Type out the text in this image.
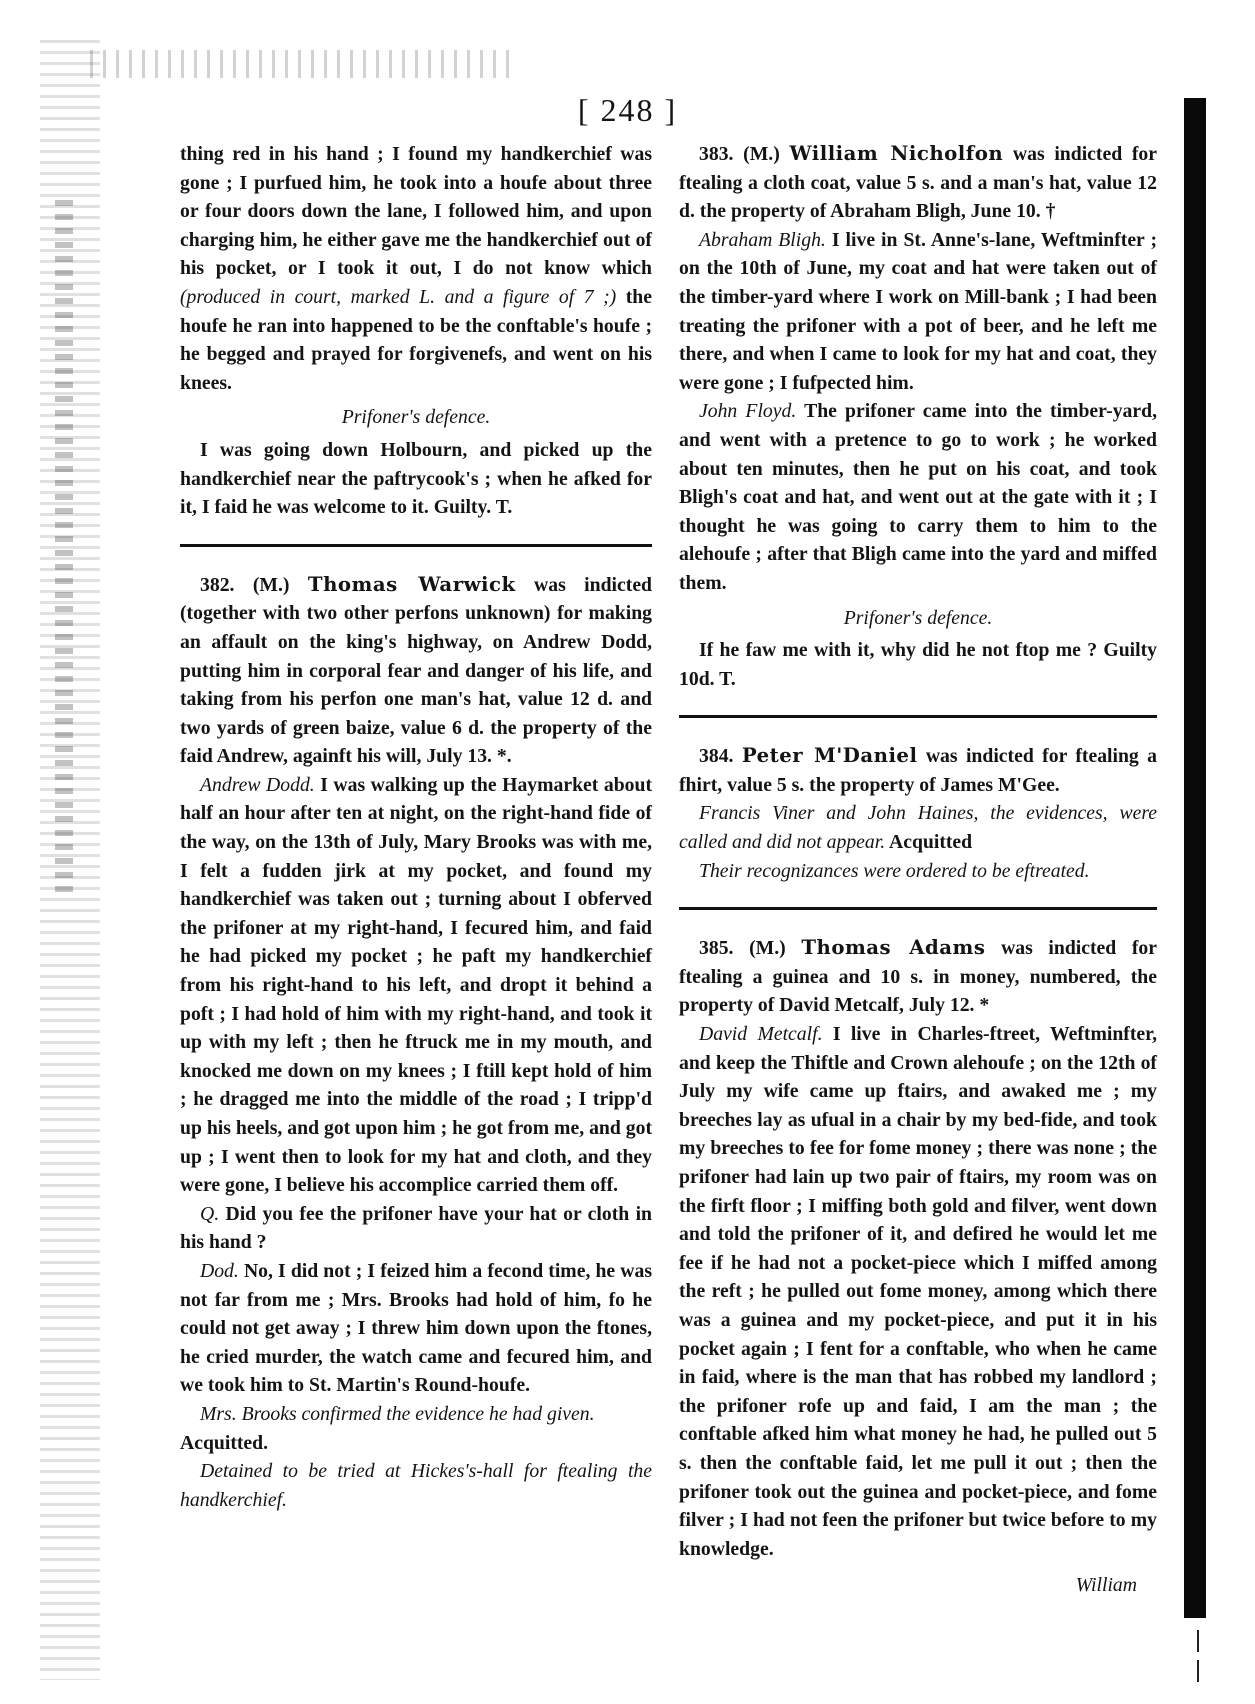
[ 248 ]

thing red in his hand ; I found my handkerchief was gone ; I purfued him, he took into a houfe about three or four doors down the lane, I followed him, and upon charging him, he either gave me the handkerchief out of his pocket, or I took it out, I do not know which (produced in court, marked L. and a figure of 7 ;) the houfe he ran into happened to be the conftable's houfe ; he begged and prayed for forgivenefs, and went on his knees.

Prifoner's defence.

I was going down Holbourn, and picked up the handkerchief near the paftrycook's ; when he afked for it, I faid he was welcome to it. Guilty. T.

382. (M.) Thomas Warwick was indicted (together with two other perfons unknown) for making an affault on the king's highway, on Andrew Dodd, putting him in corporal fear and danger of his life, and taking from his perfon one man's hat, value 12 d. and two yards of green baize, value 6 d. the property of the faid Andrew, againft his will, July 13. *.

Andrew Dodd. I was walking up the Haymarket about half an hour after ten at night, on the right-hand fide of the way, on the 13th of July, Mary Brooks was with me, I felt a fudden jirk at my pocket, and found my handkerchief was taken out ; turning about I obferved the prifoner at my right-hand, I fecured him, and faid he had picked my pocket ; he paft my handkerchief from his right-hand to his left, and dropt it behind a poft ; I had hold of him with my right-hand, and took it up with my left ; then he ftruck me in my mouth, and knocked me down on my knees ; I ftill kept hold of him ; he dragged me into the middle of the road ; I tripp'd up his heels, and got upon him ; he got from me, and got up ; I went then to look for my hat and cloth, and they were gone, I believe his accomplice carried them off.

Q. Did you fee the prifoner have your hat or cloth in his hand ?

Dod. No, I did not ; I feized him a fecond time, he was not far from me ; Mrs. Brooks had hold of him, fo he could not get away ; I threw him down upon the ftones, he cried murder, the watch came and fecured him, and we took him to St. Martin's Round-houfe.

Mrs. Brooks confirmed the evidence he had given.

Acquitted.

Detained to be tried at Hickes's-hall for ftealing the handkerchief.

383. (M.) William Nicholfon was indicted for ftealing a cloth coat, value 5 s. and a man's hat, value 12 d. the property of Abraham Bligh, June 10. †

Abraham Bligh. I live in St. Anne's-lane, Weftminfter ; on the 10th of June, my coat and hat were taken out of the timber-yard where I work on Mill-bank ; I had been treating the prifoner with a pot of beer, and he left me there, and when I came to look for my hat and coat, they were gone ; I fufpected him.

John Floyd. The prifoner came into the timber-yard, and went with a pretence to go to work ; he worked about ten minutes, then he put on his coat, and took Bligh's coat and hat, and went out at the gate with it ; I thought he was going to carry them to him to the alehoufe ; after that Bligh came into the yard and miffed them.

Prifoner's defence.

If he faw me with it, why did he not ftop me ? Guilty 10d. T.

384. Peter M'Daniel was indicted for ftealing a fhirt, value 5 s. the property of James M'Gee.

Francis Viner and John Haines, the evidences, were called and did not appear. Acquitted

Their recognizances were ordered to be eftreated.

385. (M.) Thomas Adams was indicted for ftealing a guinea and 10 s. in money, numbered, the property of David Metcalf, July 12. *

David Metcalf. I live in Charles-ftreet, Weftminfter, and keep the Thiftle and Crown alehoufe ; on the 12th of July my wife came up ftairs, and awaked me ; my breeches lay as ufual in a chair by my bed-fide, and took my breeches to fee for fome money ; there was none ; the prifoner had lain up two pair of ftairs, my room was on the firft floor ; I miffing both gold and filver, went down and told the prifoner of it, and defired he would let me fee if he had not a pocket-piece which I miffed among the reft ; he pulled out fome money, among which there was a guinea and my pocket-piece, and put it in his pocket again ; I fent for a conftable, who when he came in faid, where is the man that has robbed my landlord ; the prifoner rofe up and faid, I am the man ; the conftable afked him what money he had, he pulled out 5 s. then the conftable faid, let me pull it out ; then the prifoner took out the guinea and pocket-piece, and fome filver ; I had not feen the prifoner but twice before to my knowledge.

William
